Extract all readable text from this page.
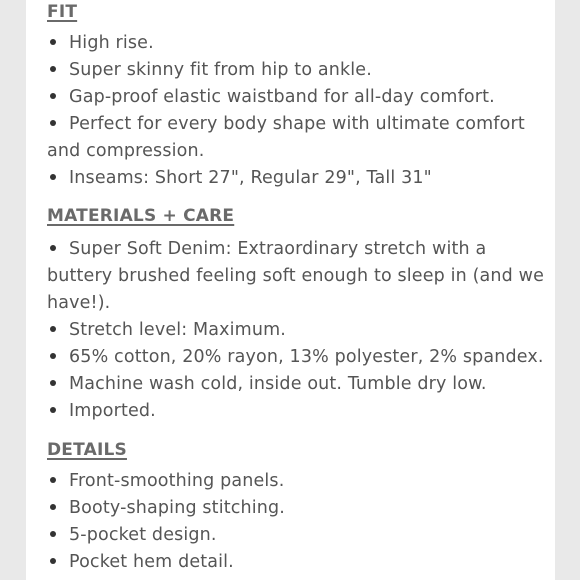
FIT
High rise.
Super skinny fit from hip to ankle.
Gap-proof elastic waistband for all-day comfort.
Perfect for every body shape with ultimate comfort and compression.
Inseams: Short 27", Regular 29", Tall 31"
MATERIALS + CARE
Super Soft Denim: Extraordinary stretch with a buttery brushed feeling soft enough to sleep in (and we have!).
Stretch level: Maximum.
65% cotton, 20% rayon, 13% polyester, 2% spandex.
Machine wash cold, inside out. Tumble dry low.
Imported.
DETAILS
Front-smoothing panels.
Booty-shaping stitching.
5-pocket design.
Pocket hem detail.
